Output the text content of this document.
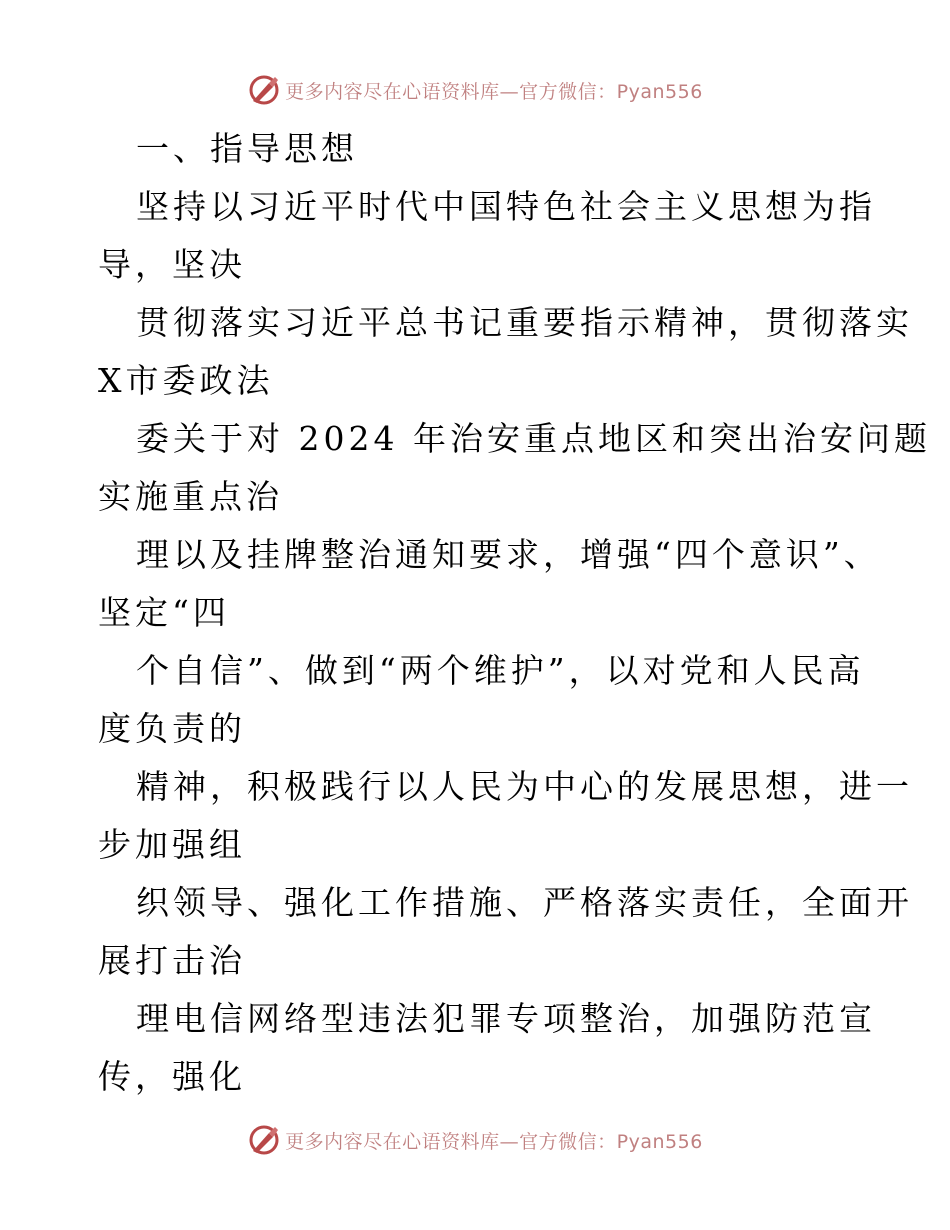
更多内容尽在心语资料库—官方微信：Pyan556
一、指导思想
坚持以习近平时代中国特色社会主义思想为指
导，坚决
贯彻落实习近平总书记重要指示精神，贯彻落实
X市委政法
委关于对 2024 年治安重点地区和突出治安问题
实施重点治
理以及挂牌整治通知要求，增强“四个意识”、
坚定“四
个自信”、做到“两个维护”，以对党和人民高
度负责的
精神，积极践行以人民为中心的发展思想，进一
步加强组
织领导、强化工作措施、严格落实责任，全面开
展打击治
理电信网络型违法犯罪专项整治，加强防范宣
传，强化
更多内容尽在心语资料库—官方微信：Pyan556
